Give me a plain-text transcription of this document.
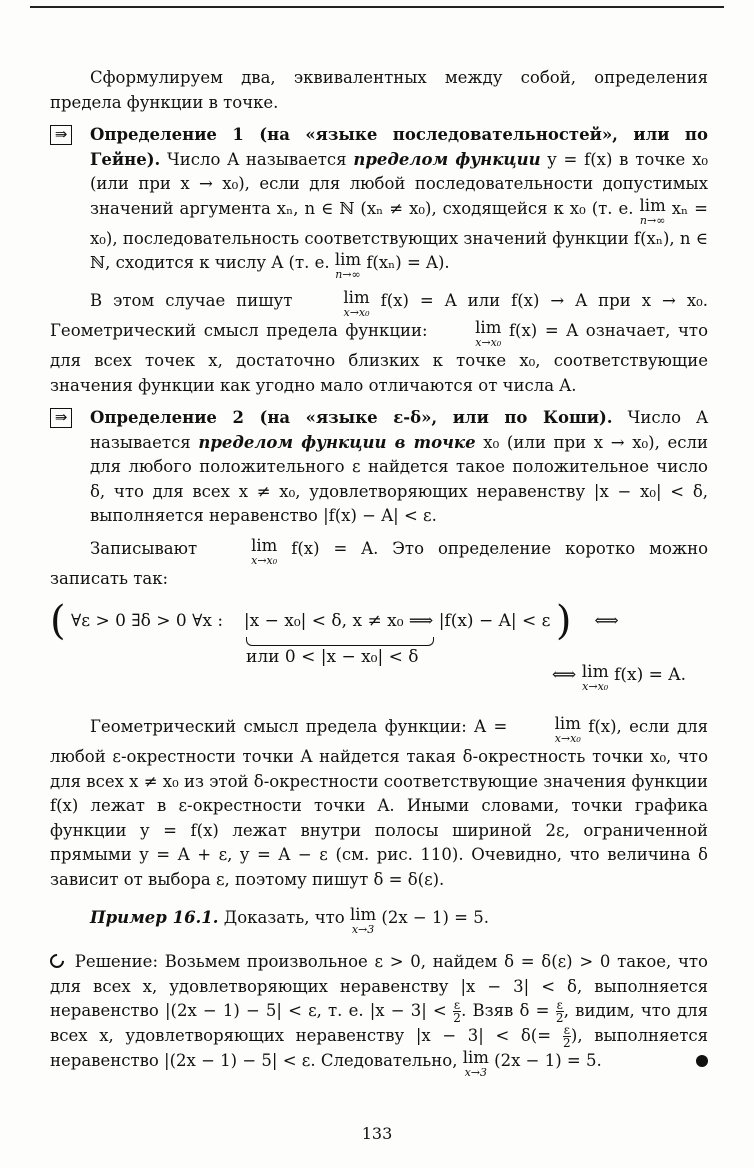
Сформулируем два, эквивалентных между собой, определения предела функции в точке.

⇛ Определение 1 (на «языке последовательностей», или по Гейне). Число A называется пределом функции y = f(x) в точке x₀ (или при x → x₀), если для любой последовательности допустимых значений аргумента xₙ, n ∈ ℕ (xₙ ≠ x₀), сходящейся к x₀ (т. е. lim
n→∞
xₙ = x₀), последовательность соответствующих значений функции f(xₙ), n ∈ ℕ, сходится к числу A (т. е. lim
n→∞
f(xₙ) = A).

В этом случае пишут	lim
x→x₀
f(x) = A или f(x) → A при x → x₀. Геометрический смысл предела функции:	lim
x→x₀
f(x) = A означает, что для всех точек x, достаточно близких к точке x₀, соответствующие значения функции как угодно мало отличаются от числа A.

⇛ Определение 2 (на «языке ε-δ», или по Коши). Число A называется пределом функции в точке x₀ (или при x → x₀), если для любого положительного ε найдется такое положительное число δ, что для всех x ≠ x₀, удовлетворяющих неравенству |x − x₀| < δ, выполняется неравенство |f(x) − A| < ε.

Записывают	lim
x→x₀
f(x) = A. Это определение коротко можно записать так:

( ∀ε > 0 ∃δ > 0 ∀x : |x − x₀| < δ, x ≠ x₀ ⟹ |f(x) − A| < ε ) ⟺
или 0 < |x − x₀| < δ
⟺ lim
x→x₀
f(x) = A.

Геометрический смысл предела функции: A =	lim
x→x₀
f(x), если для любой ε-окрестности точки A найдется такая δ-окрестность точки x₀, что для всех x ≠ x₀ из этой δ-окрестности соответствующие значения функции f(x) лежат в ε-окрестности точки A. Иными словами, точки графика функции y = f(x) лежат внутри полосы шириной 2ε, ограниченной прямыми y = A + ε, y = A − ε (см. рис. 110). Очевидно, что величина δ зависит от выбора ε, поэтому пишут δ = δ(ε).

Пример 16.1. Доказать, что lim
x→3
(2x − 1) = 5.

Решение: Возьмем произвольное ε > 0, найдем δ = δ(ε) > 0 такое, что для всех x, удовлетворяющих неравенству |x − 3| < δ, выполняется неравенство |(2x − 1) − 5| < ε, т. е. $|x - 3| < \frac{\varepsilon}{2}$ . Взяв $\delta = \frac{\varepsilon}{2}$ , видим, что для всех x, удовлетворяющих неравенству $|x - 3| < \delta(= \frac{\varepsilon}{2}$ ), выполняется неравенство |(2x − 1) − 5| < ε. Следовательно, lim
x→3
(2x − 1) = 5.

133
